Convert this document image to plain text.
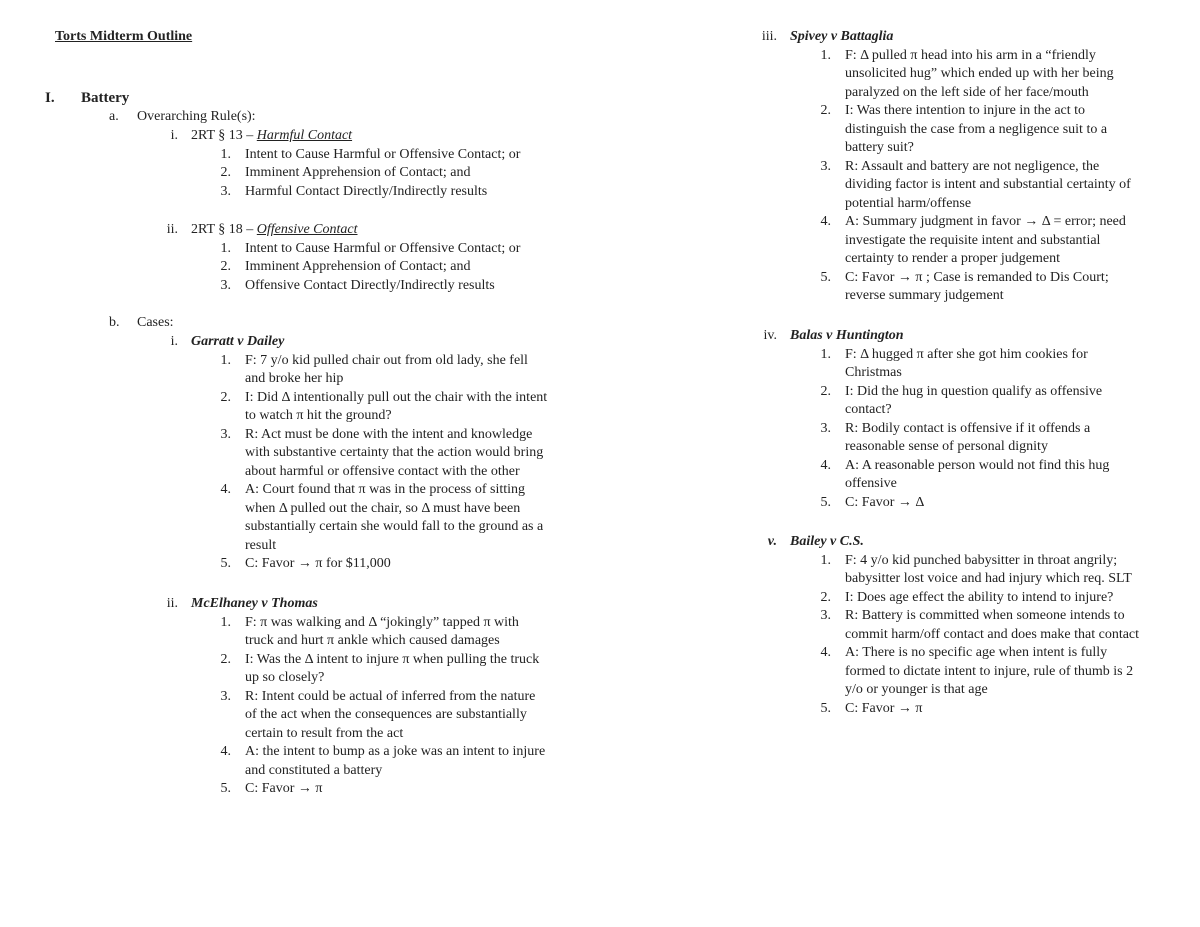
Torts Midterm Outline
I. Battery
a. Overarching Rule(s):
i. 2RT § 13 – Harmful Contact
1. Intent to Cause Harmful or Offensive Contact; or
2. Imminent Apprehension of Contact; and
3. Harmful Contact Directly/Indirectly results
ii. 2RT § 18 – Offensive Contact
1. Intent to Cause Harmful or Offensive Contact; or
2. Imminent Apprehension of Contact; and
3. Offensive Contact Directly/Indirectly results
b. Cases:
i. Garratt v Dailey
1. F: 7 y/o kid pulled chair out from old lady, she fell
and broke her hip
2. I: Did Δ intentionally pull out the chair with the intent
to watch π hit the ground?
3. R: Act must be done with the intent and knowledge
with substantive certainty that the action would bring
about harmful or offensive contact with the other
4. A: Court found that π was in the process of sitting
when Δ pulled out the chair, so Δ must have been
substantially certain she would fall to the ground as a
result
5. C: Favor → π for $11,000
ii. McElhaney v Thomas
1. F: π was walking and Δ “jokingly” tapped π with
truck and hurt π ankle which caused damages
2. I: Was the Δ intent to injure π when pulling the truck
up so closely?
3. R: Intent could be actual of inferred from the nature
of the act when the consequences are substantially
certain to result from the act
4. A: the intent to bump as a joke was an intent to injure
and constituted a battery
5. C: Favor → π
iii. Spivey v Battaglia
1. F: Δ pulled π head into his arm in a “friendly
unsolicited hug” which ended up with her being
paralyzed on the left side of her face/mouth
2. I: Was there intention to injure in the act to
distinguish the case from a negligence suit to a
battery suit?
3. R: Assault and battery are not negligence, the
dividing factor is intent and substantial certainty of
potential harm/offense
4. A: Summary judgment in favor → Δ = error; need
investigate the requisite intent and substantial
certainty to render a proper judgement
5. C: Favor → π ; Case is remanded to Dis Court;
reverse summary judgement
iv. Balas v Huntington
1. F: Δ hugged π after she got him cookies for
Christmas
2. I: Did the hug in question qualify as offensive
contact?
3. R: Bodily contact is offensive if it offends a
reasonable sense of personal dignity
4. A: A reasonable person would not find this hug
offensive
5. C: Favor → Δ
v. Bailey v C.S.
1. F: 4 y/o kid punched babysitter in throat angrily;
babysitter lost voice and had injury which req. SLT
2. I: Does age effect the ability to intend to injure?
3. R: Battery is committed when someone intends to
commit harm/off contact and does make that contact
4. A: There is no specific age when intent is fully
formed to dictate intent to injure, rule of thumb is 2
y/o or younger is that age
5. C: Favor → π
